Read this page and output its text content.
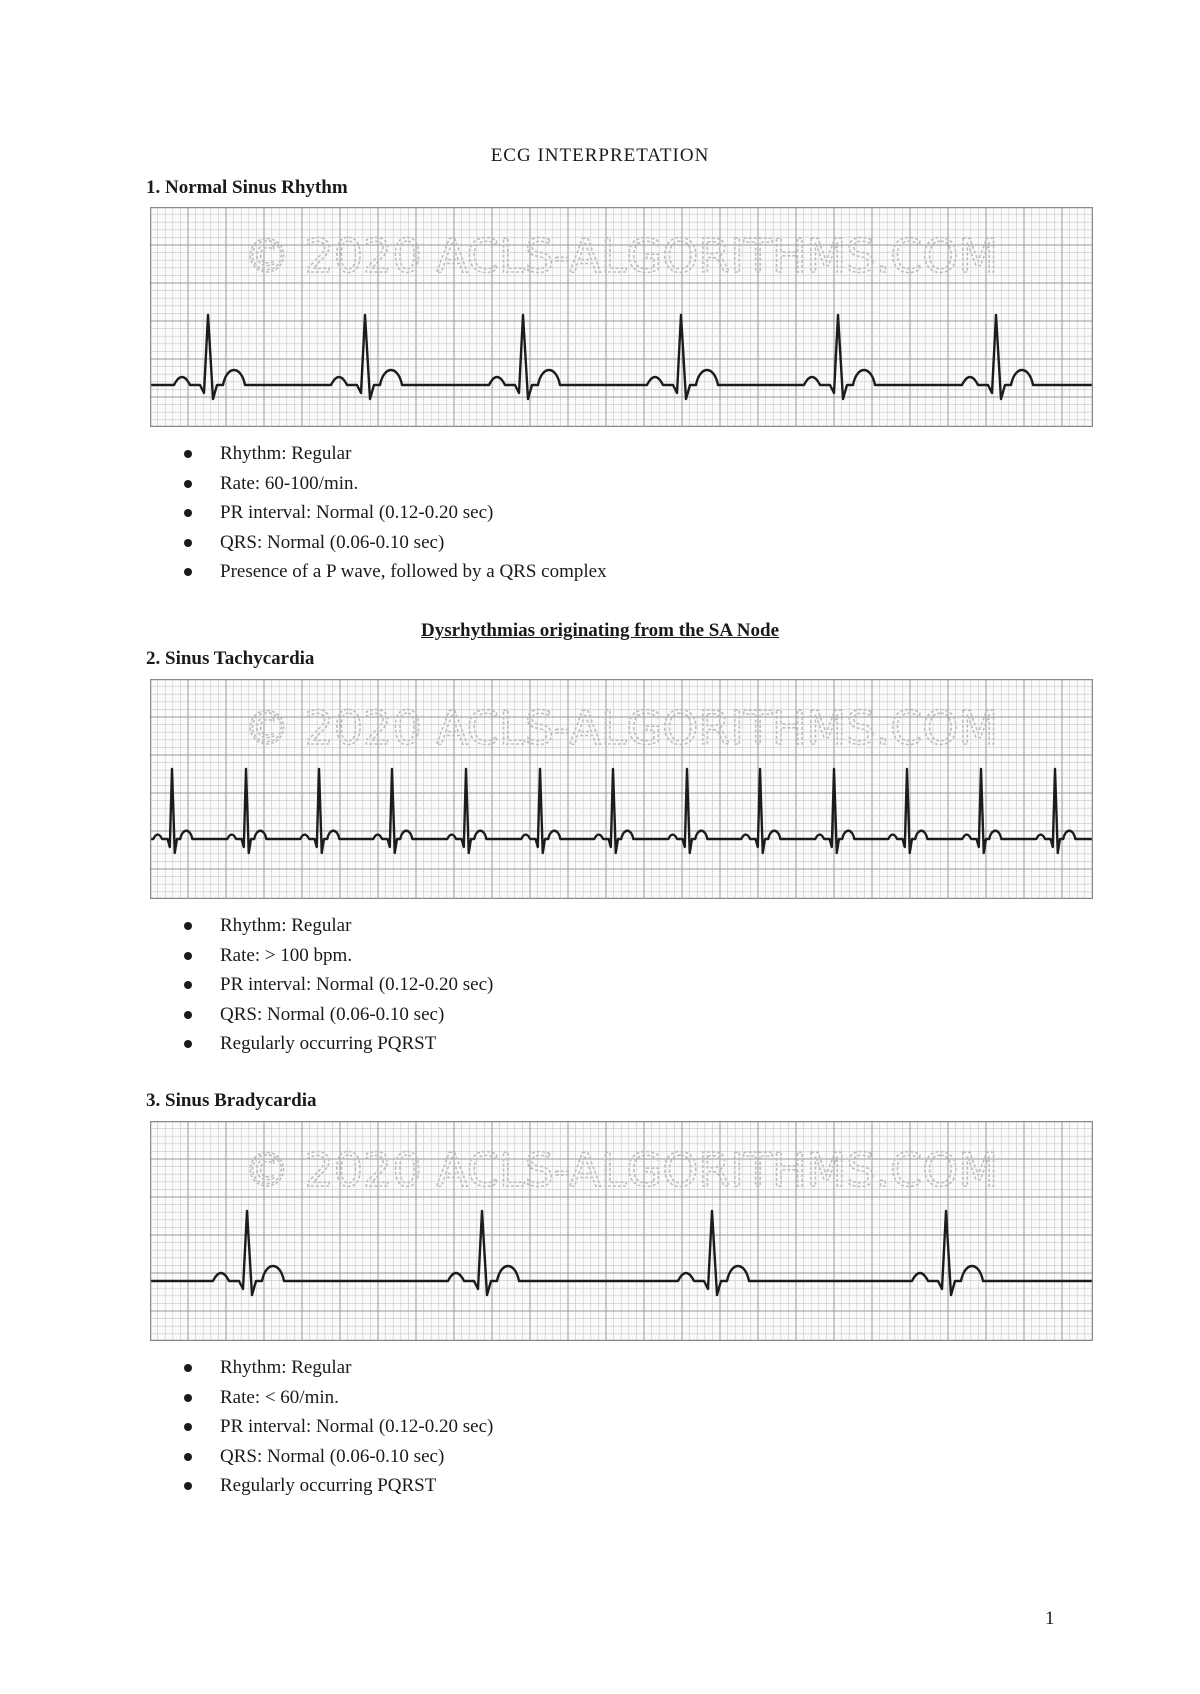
ECG INTERPRETATION
1. Normal Sinus Rhythm
© 2020 ACLS-ALGORITHMS.COM
Rhythm: Regular
Rate: 60-100/min.
PR interval: Normal (0.12-0.20 sec)
QRS: Normal (0.06-0.10 sec)
Presence of a P wave, followed by a QRS complex
Dysrhythmias originating from the SA Node
2. Sinus Tachycardia
© 2020 ACLS-ALGORITHMS.COM
Rhythm: Regular
Rate: > 100 bpm.
PR interval: Normal (0.12-0.20 sec)
QRS: Normal (0.06-0.10 sec)
Regularly occurring PQRST
3. Sinus Bradycardia
© 2020 ACLS-ALGORITHMS.COM
Rhythm: Regular
Rate: < 60/min.
PR interval: Normal (0.12-0.20 sec)
QRS: Normal (0.06-0.10 sec)
Regularly occurring PQRST
1
